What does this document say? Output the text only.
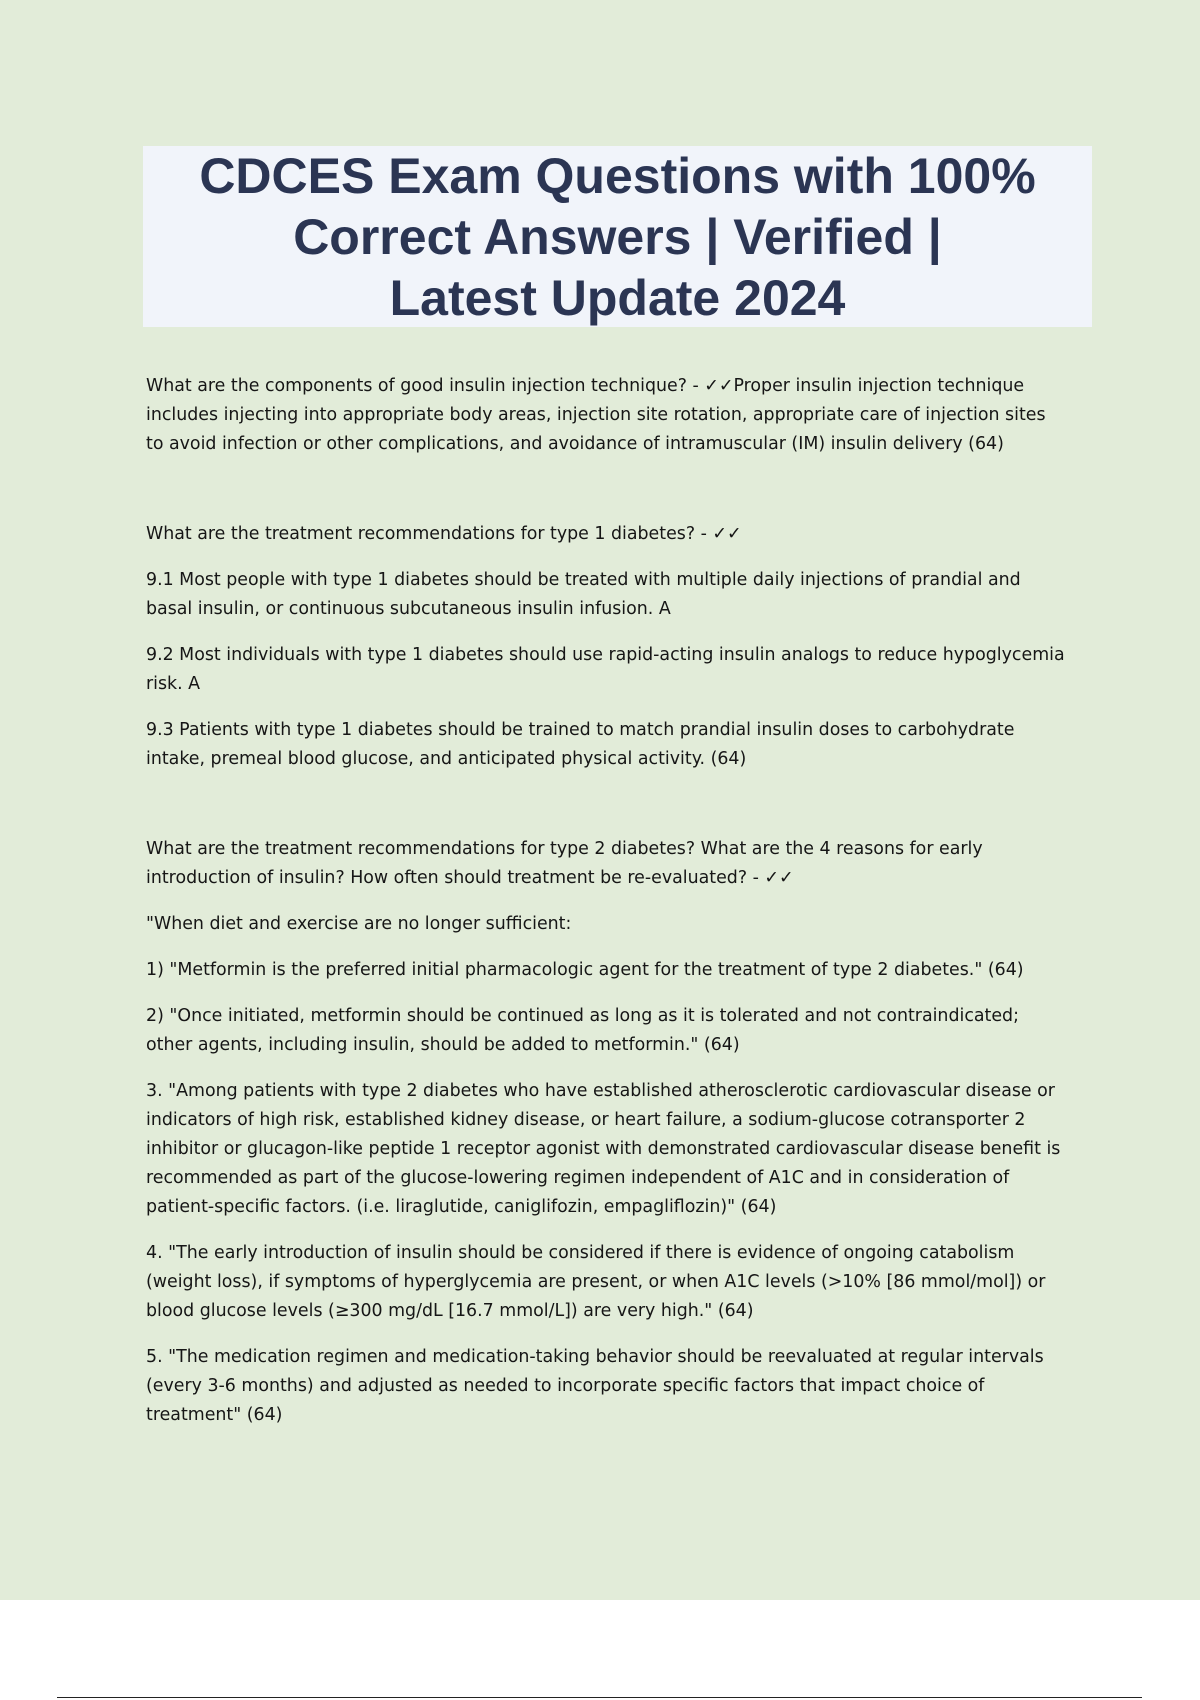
CDCES Exam Questions with 100%
Correct Answers | Verified |
Latest Update 2024

What are the components of good insulin injection technique? - ✓✓Proper insulin injection technique
includes injecting into appropriate body areas, injection site rotation, appropriate care of injection sites
to avoid infection or other complications, and avoidance of intramuscular (IM) insulin delivery (64)

What are the treatment recommendations for type 1 diabetes? - ✓✓

9.1 Most people with type 1 diabetes should be treated with multiple daily injections of prandial and
basal insulin, or continuous subcutaneous insulin infusion. A

9.2 Most individuals with type 1 diabetes should use rapid-acting insulin analogs to reduce hypoglycemia
risk. A

9.3 Patients with type 1 diabetes should be trained to match prandial insulin doses to carbohydrate
intake, premeal blood glucose, and anticipated physical activity. (64)

What are the treatment recommendations for type 2 diabetes? What are the 4 reasons for early
introduction of insulin? How often should treatment be re-evaluated? - ✓✓

"When diet and exercise are no longer sufficient:

1) "Metformin is the preferred initial pharmacologic agent for the treatment of type 2 diabetes." (64)

2) "Once initiated, metformin should be continued as long as it is tolerated and not contraindicated;
other agents, including insulin, should be added to metformin." (64)

3. "Among patients with type 2 diabetes who have established atherosclerotic cardiovascular disease or
indicators of high risk, established kidney disease, or heart failure, a sodium-glucose cotransporter 2
inhibitor or glucagon-like peptide 1 receptor agonist with demonstrated cardiovascular disease benefit is
recommended as part of the glucose-lowering regimen independent of A1C and in consideration of
patient-specific factors. (i.e. liraglutide, caniglifozin, empagliflozin)" (64)

4. "The early introduction of insulin should be considered if there is evidence of ongoing catabolism
(weight loss), if symptoms of hyperglycemia are present, or when A1C levels (>10% [86 mmol/mol]) or
blood glucose levels (≥300 mg/dL [16.7 mmol/L]) are very high." (64)

5. "The medication regimen and medication-taking behavior should be reevaluated at regular intervals
(every 3-6 months) and adjusted as needed to incorporate specific factors that impact choice of
treatment" (64)
